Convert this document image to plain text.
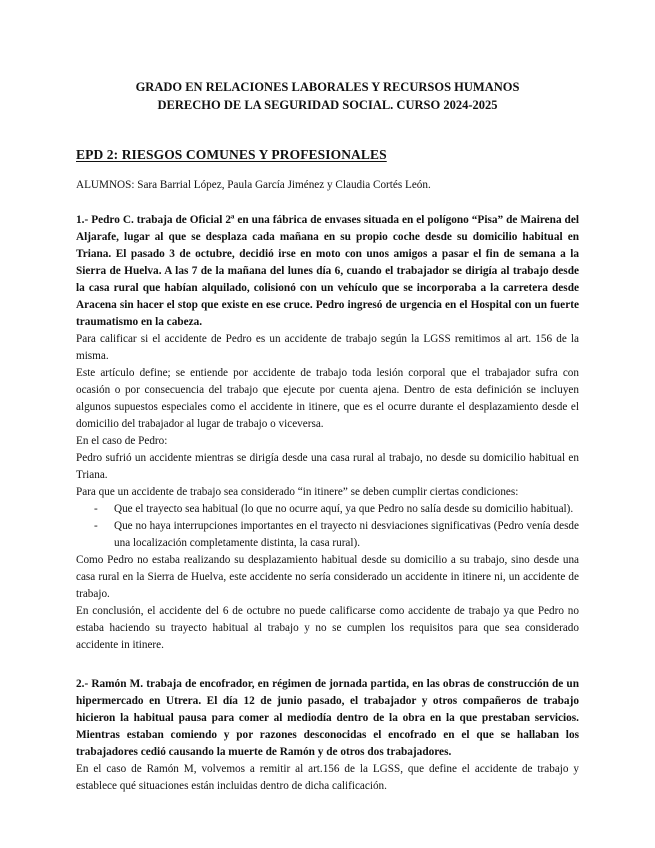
GRADO EN RELACIONES LABORALES Y RECURSOS HUMANOS
DERECHO DE LA SEGURIDAD SOCIAL. CURSO 2024-2025
EPD 2: RIESGOS COMUNES Y PROFESIONALES
ALUMNOS: Sara Barrial López, Paula García Jiménez y Claudia Cortés León.

1.- Pedro C. trabaja de Oficial 2ª en una fábrica de envases situada en el polígono “Pisa” de Mairena del Aljarafe, lugar al que se desplaza cada mañana en su propio coche desde su domicilio habitual en Triana. El pasado 3 de octubre, decidió irse en moto con unos amigos a pasar el fin de semana a la Sierra de Huelva. A las 7 de la mañana del lunes día 6, cuando el trabajador se dirigía al trabajo desde la casa rural que habían alquilado, colisionó con un vehículo que se incorporaba a la carretera desde Aracena sin hacer el stop que existe en ese cruce. Pedro ingresó de urgencia en el Hospital con un fuerte traumatismo en la cabeza.

Para calificar si el accidente de Pedro es un accidente de trabajo según la LGSS remitimos al art. 156 de la misma.

Este artículo define; se entiende por accidente de trabajo toda lesión corporal que el trabajador sufra con ocasión o por consecuencia del trabajo que ejecute por cuenta ajena. Dentro de esta definición se incluyen algunos supuestos especiales como el accidente in itinere, que es el ocurre durante el desplazamiento desde el domicilio del trabajador al lugar de trabajo o viceversa.

En el caso de Pedro:

Pedro sufrió un accidente mientras se dirigía desde una casa rural al trabajo, no desde su domicilio habitual en Triana.

Para que un accidente de trabajo sea considerado “in itinere” se deben cumplir ciertas condiciones:

- Que el trayecto sea habitual (lo que no ocurre aquí, ya que Pedro no salía desde su domicilio habitual).
- Que no haya interrupciones importantes en el trayecto ni desviaciones significativas (Pedro venía desde una localización completamente distinta, la casa rural).

Como Pedro no estaba realizando su desplazamiento habitual desde su domicilio a su trabajo, sino desde una casa rural en la Sierra de Huelva, este accidente no sería considerado un accidente in itinere ni, un accidente de trabajo.

En conclusión, el accidente del 6 de octubre no puede calificarse como accidente de trabajo ya que Pedro no estaba haciendo su trayecto habitual al trabajo y no se cumplen los requisitos para que sea considerado accidente in itinere.

2.- Ramón M. trabaja de encofrador, en régimen de jornada partida, en las obras de construcción de un hipermercado en Utrera. El día 12 de junio pasado, el trabajador y otros compañeros de trabajo hicieron la habitual pausa para comer al mediodía dentro de la obra en la que prestaban servicios. Mientras estaban comiendo y por razones desconocidas el encofrado en el que se hallaban los trabajadores cedió causando la muerte de Ramón y de otros dos trabajadores.

En el caso de Ramón M, volvemos a remitir al art.156 de la LGSS, que define el accidente de trabajo y establece qué situaciones están incluidas dentro de dicha calificación.
